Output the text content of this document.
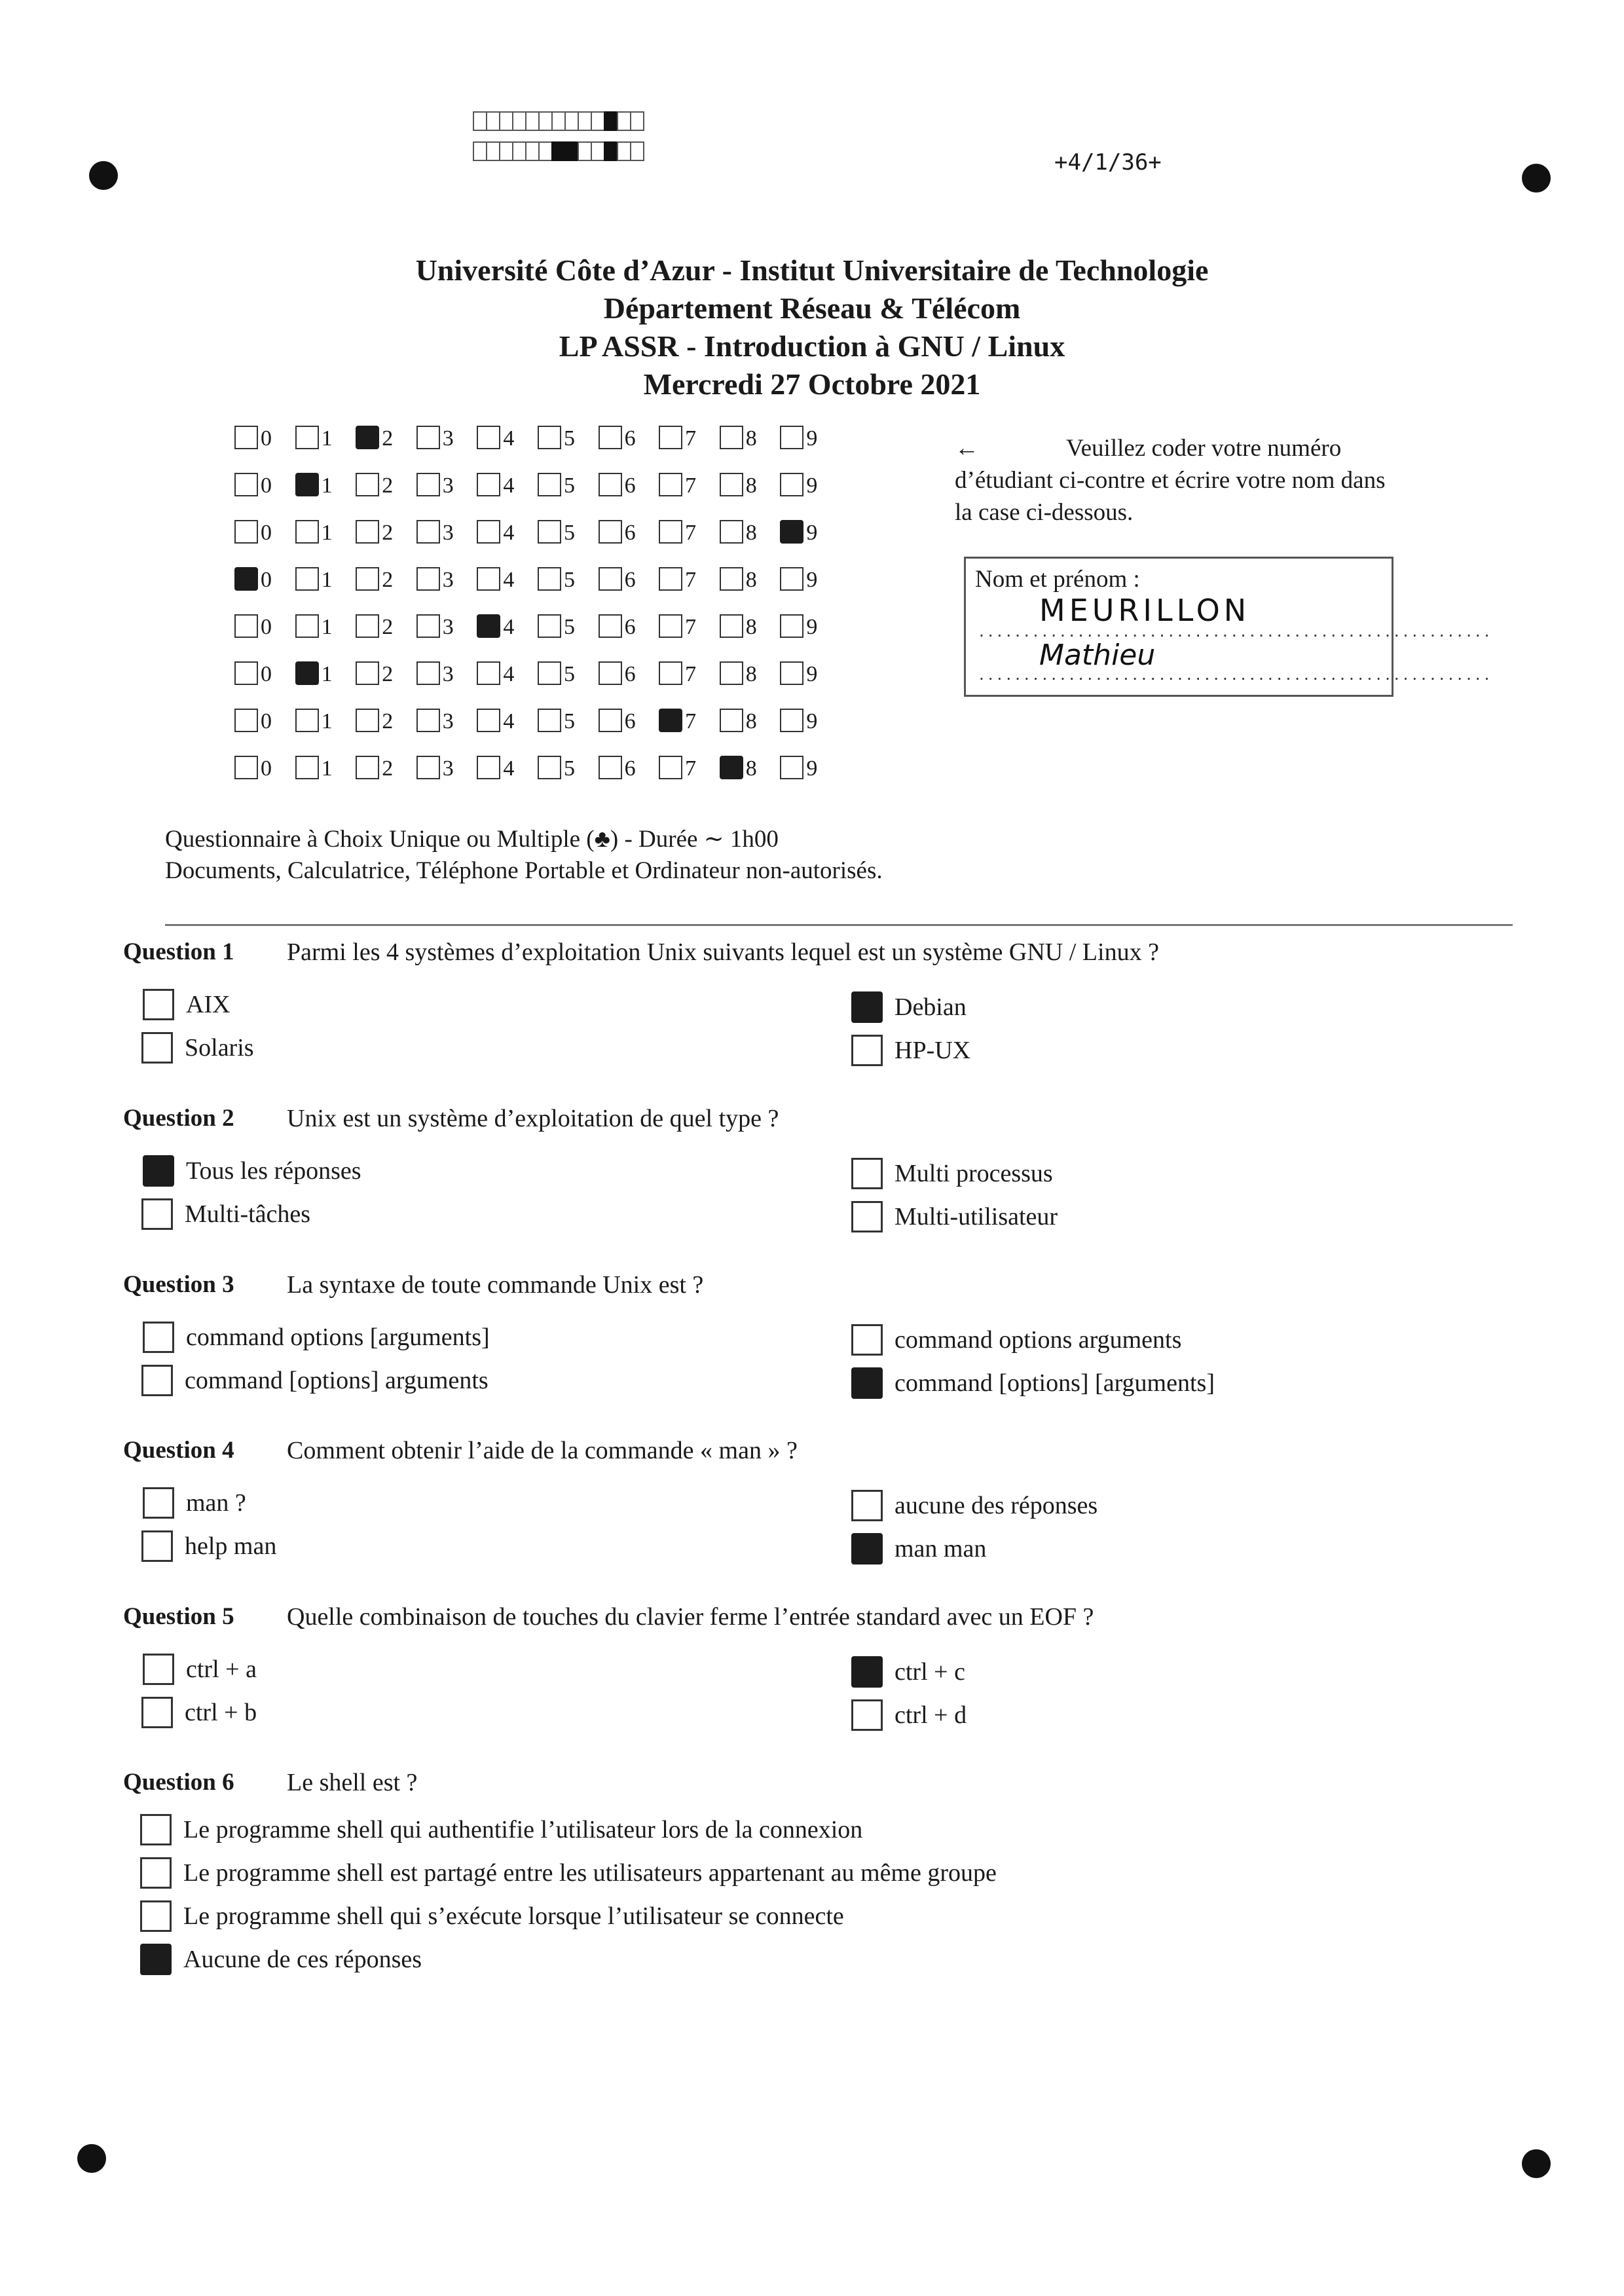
+4/1/36+
Université Côte d’Azur - Institut Universitaire de Technologie
Département Réseau & Télécom
LP ASSR - Introduction à GNU / Linux
Mercredi 27 Octobre 2021
0 1 2 3 4 5 6 7 8 9
0 1 2 3 4 5 6 7 8 9
0 1 2 3 4 5 6 7 8 9
0 1 2 3 4 5 6 7 8 9
0 1 2 3 4 5 6 7 8 9
0 1 2 3 4 5 6 7 8 9
0 1 2 3 4 5 6 7 8 9
0 1 2 3 4 5 6 7 8 9
←	Veuillez coder votre numéro d’étudiant ci-contre et écrire votre nom dans la case ci-dessous.
Nom et prénom :
.........................................................
.........................................................
MEURILLON
Mathieu
Questionnaire à Choix Unique ou Multiple (♣) - Durée ∼ 1h00
Documents, Calculatrice, Téléphone Portable et Ordinateur non-autorisés.
Question 1 Parmi les 4 systèmes d’exploitation Unix suivants lequel est un système GNU / Linux ?
AIX
Solaris
Debian
HP-UX
Question 2 Unix est un système d’exploitation de quel type ?
Tous les réponses
Multi-tâches
Multi processus
Multi-utilisateur
Question 3 La syntaxe de toute commande Unix est ?
command options [arguments]
command [options] arguments
command options arguments
command [options] [arguments]
Question 4 Comment obtenir l’aide de la commande « man » ?
man ?
help man
aucune des réponses
man man
Question 5 Quelle combinaison de touches du clavier ferme l’entrée standard avec un EOF ?
ctrl + a
ctrl + b
ctrl + c
ctrl + d
Question 6 Le shell est ?
Le programme shell qui authentifie l’utilisateur lors de la connexion
Le programme shell est partagé entre les utilisateurs appartenant au même groupe
Le programme shell qui s’exécute lorsque l’utilisateur se connecte
Aucune de ces réponses
